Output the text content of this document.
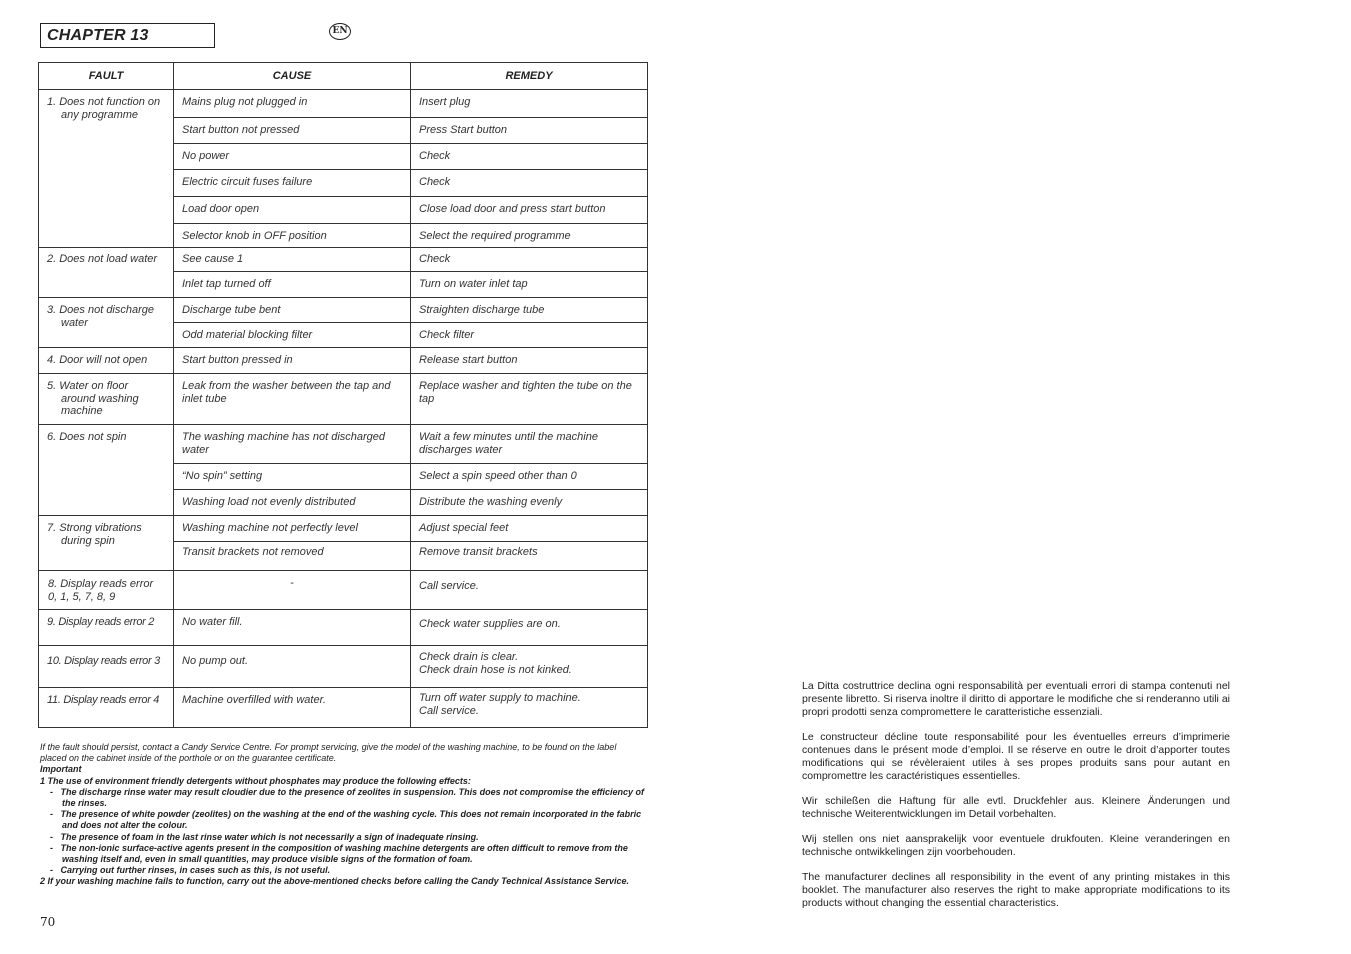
CHAPTER 13	EN
FAULT	CAUSE	REMEDY

1. Does not function on any programme	Mains plug not plugged in	Insert plug
	Start button not pressed	Press Start button
	No power	Check
	Electric circuit fuses failure	Check
	Load door open	Close load door and press start button
	Selector knob in OFF position	Select the required programme

2. Does not load water	See cause 1	Check
	Inlet tap turned off	Turn on water inlet tap

3. Does not discharge water	Discharge tube bent	Straighten discharge tube
	Odd material blocking filter	Check filter

4. Door will not open	Start button pressed in	Release start button

5. Water on floor around washing machine	Leak from the washer between the tap and inlet tube	Replace washer and tighten the tube on the tap

6. Does not spin	The washing machine has not discharged water	Wait a few minutes until the machine discharges water
	“No spin” setting	Select a spin speed other than 0
	Washing load not evenly distributed	Distribute the washing evenly

7. Strong vibrations during spin	Washing machine not perfectly level	Adjust special feet
	Transit brackets not removed	Remove transit brackets
8. Display reads error 0, 1, 5, 7, 8, 9	-	Call service.
9. Display reads error 2	No water fill.	Check water supplies are on.
10. Display reads error 3	No pump out.	Check drain is clear.
Check drain hose is not kinked.

11. Display reads error 4	Machine overfilled with water.	Turn off water supply to machine.
Call service.

If the fault should persist, contact a Candy Service Centre. For prompt servicing, give the model of the washing machine, to be found on the label placed on the cabinet inside of the porthole or on the guarantee certificate.

Important

1 The use of environment friendly detergents without phosphates may produce the following effects:

-   The discharge rinse water may result cloudier due to the presence of zeolites in suspension. This does not compromise the efficiency of the rinses.

-   The presence of white powder (zeolites) on the washing at the end of the washing cycle. This does not remain incorporated in the fabric and does not alter the colour.

-   The presence of foam in the last rinse water which is not necessarily a sign of inadequate rinsing.

-   The non-ionic surface-active agents present in the composition of washing machine detergents are often difficult to remove from the washing itself and, even in small quantities, may produce visible signs of the formation of foam.

-   Carrying out further rinses, in cases such as this, is not useful.

2 If your washing machine fails to function, carry out the above-mentioned checks before calling the Candy Technical Assistance Service.

70

La Ditta costruttrice declina ogni responsabilità per eventuali errori di stampa contenuti nel presente libretto. Si riserva inoltre il diritto di apportare le modifiche che si renderanno utili ai propri prodotti senza compromettere le caratteristiche essenziali.

Le constructeur décline toute responsabilité pour les éventuelles erreurs d’imprimerie contenues dans le présent mode d’emploi. Il se réserve en outre le droit d’apporter toutes modifications qui se révèleraient utiles à ses propes produits sans pour autant en compromettre les caractéristiques essentielles.

Wir schileßen die Haftung für alle evtl. Druckfehler aus. Kleinere Änderungen und technische Weiterentwicklungen im Detail vorbehalten.

Wij stellen ons niet aansprakelijk voor eventuele drukfouten. Kleine veranderingen en technische ontwikkelingen zijn voorbehouden.

The manufacturer declines all responsibility in the event of any printing mistakes in this booklet. The manufacturer also reserves the right to make appropriate modifications to its products without changing the essential characteristics.
